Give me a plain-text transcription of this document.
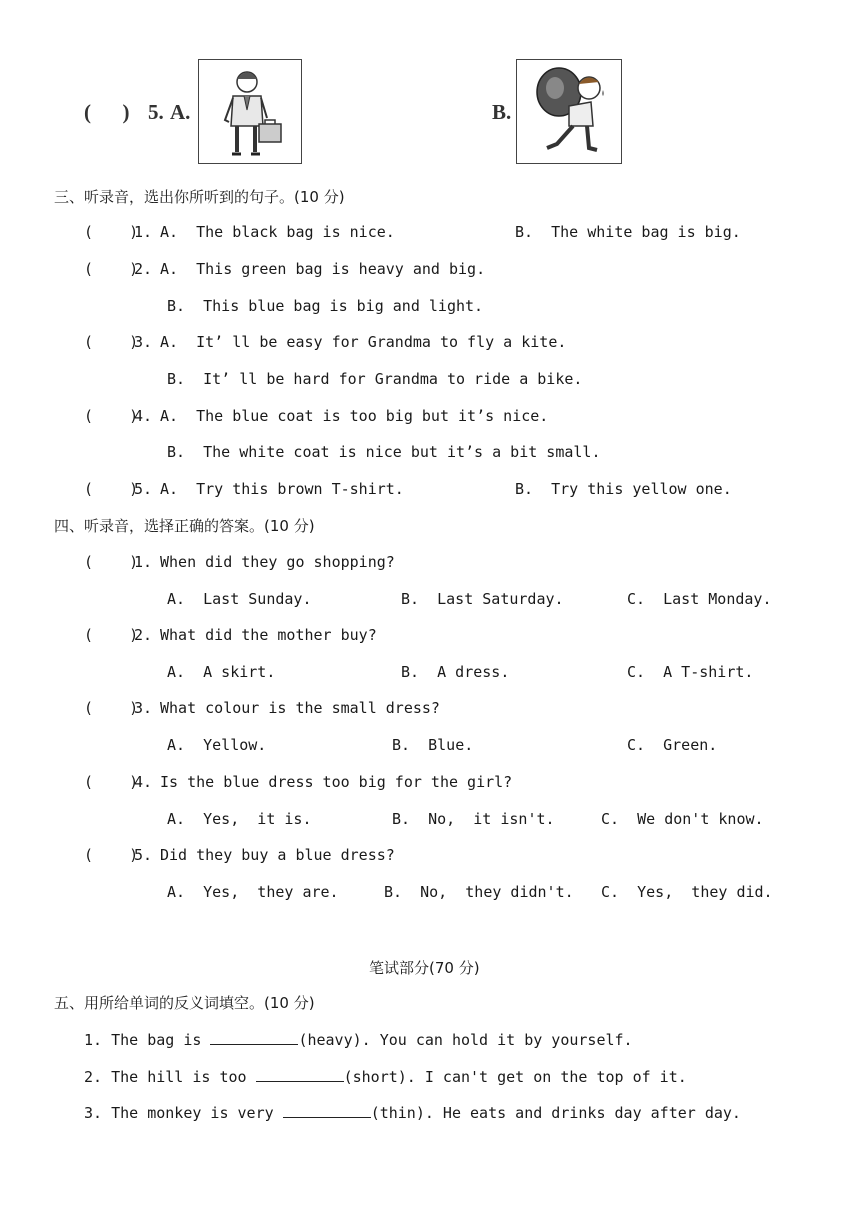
(      ) 5. A.	B.
三、听录音，选出你所听到的句子。(10 分)
(    )
1. A.  The black bag is nice.	B.  The white bag is big.
(    )
2. A.  This green bag is heavy and big.
B.  This blue bag is big and light.
(    )
3. A.  It’ ll be easy for Grandma to fly a kite.
B.  It’ ll be hard for Grandma to ride a bike.
(    )
4. A.  The blue coat is too big but it’s nice.
B.  The white coat is nice but it’s a bit small.
(    )
5. A.  Try this brown T-shirt.	B.  Try this yellow one.
四、听录音，选择正确的答案。(10 分)
(    )
1. When did they go shopping?
A.  Last Sunday.	B.  Last Saturday.	C.  Last Monday.
(    )
2. What did the mother buy?
A.  A skirt.	B.  A dress.	C.  A T-shirt.
(    )
3. What colour is the small dress?
A.  Yellow.	B.  Blue.	C.  Green.
(    )
4. Is the blue dress too big for the girl?
A.  Yes,  it is.	B.  No,  it isn't.	C.  We don't know.
(    )
5. Did they buy a blue dress?
A.  Yes,  they are.	B.  No,  they didn't. C.  Yes,  they did.
笔试部分(70 分)
五、用所给单词的反义词填空。(10 分)
1. The bag is	(heavy). You can hold it by yourself.
2. The hill is too	(short). I can't get on the top of it.
3. The monkey is very	(thin). He eats and drinks day after day.
